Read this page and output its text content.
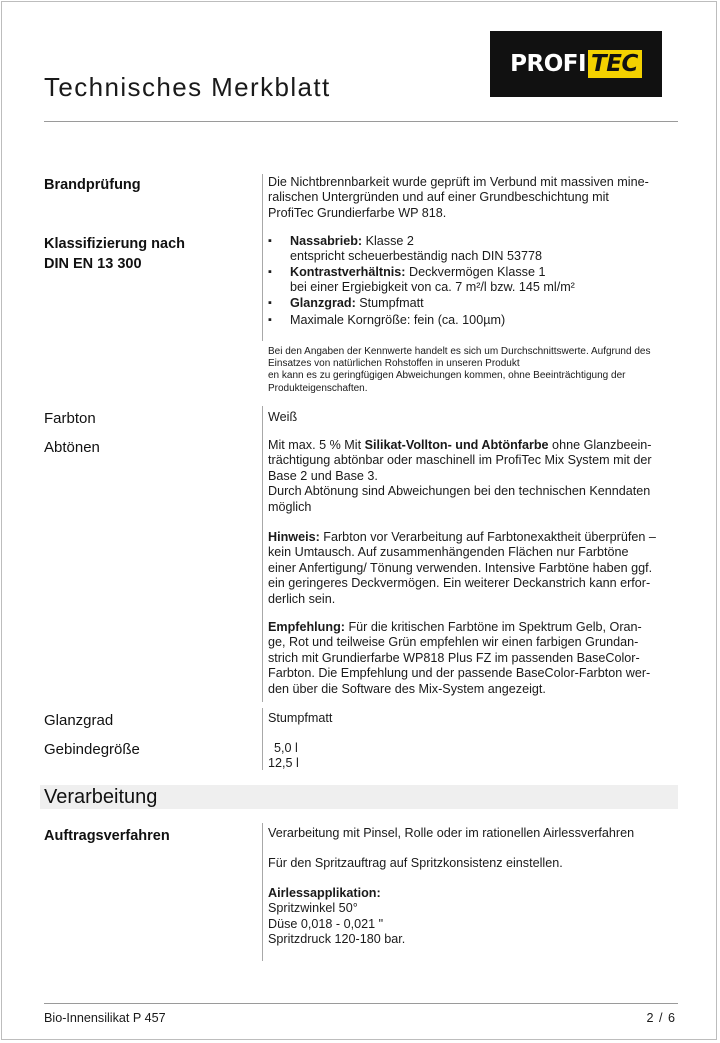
Technisches Merkblatt
PROFI TEC
Brandprüfung	Die Nichtbrennbarkeit wurde geprüft im Verbund mit massiven mine-
ralischen Untergründen und auf einer Grundbeschichtung mit
ProfiTec Grundierfarbe WP 818.
Klassifizierung nach
DIN EN 13 300
▪ Nassabrieb: Klasse 2
entspricht scheuerbeständig nach DIN 53778
▪ Kontrastverhältnis: Deckvermögen Klasse 1
bei einer Ergiebigkeit von ca. 7 m²/l bzw. 145 ml/m²
▪ Glanzgrad: Stumpfmatt
▪ Maximale Korngröße: fein (ca. 100µm)
Bei den Angaben der Kennwerte handelt es sich um Durchschnittswerte. Aufgrund des
Einsatzes von natürlichen Rohstoffen in unseren Produkt
en kann es zu geringfügigen Abweichungen kommen, ohne Beeinträchtigung der
Produkteigenschaften.
Farbton	Weiß
Abtönen	Mit max. 5 % Mit Silikat-Vollton- und Abtönfarbe ohne Glanzbeein-
trächtigung abtönbar oder maschinell im ProfiTec Mix System mit der
Base 2 und Base 3.
Durch Abtönung sind Abweichungen bei den technischen Kenndaten
möglich
Hinweis: Farbton vor Verarbeitung auf Farbtonexaktheit überprüfen –
kein Umtausch. Auf zusammenhängenden Flächen nur Farbtöne
einer Anfertigung/ Tönung verwenden. Intensive Farbtöne haben ggf.
ein geringeres Deckvermögen. Ein weiterer Deckanstrich kann erfor-
derlich sein.
Empfehlung: Für die kritischen Farbtöne im Spektrum Gelb, Oran-
ge, Rot und teilweise Grün empfehlen wir einen farbigen Grundan-
strich mit Grundierfarbe WP818 Plus FZ im passenden BaseColor-
Farbton. Die Empfehlung und der passende BaseColor-Farbton wer-
den über die Software des Mix-System angezeigt.
Glanzgrad	Stumpfmatt
Gebindegröße	5,0 l
12,5 l
Verarbeitung
Auftragsverfahren	Verarbeitung mit Pinsel, Rolle oder im rationellen Airlessverfahren
Für den Spritzauftrag auf Spritzkonsistenz einstellen.
Airlessapplikation:
Spritzwinkel 50°
Düse 0,018 - 0,021 "
Spritzdruck 120-180 bar.
Bio-Innensilikat P 457	2 / 6
